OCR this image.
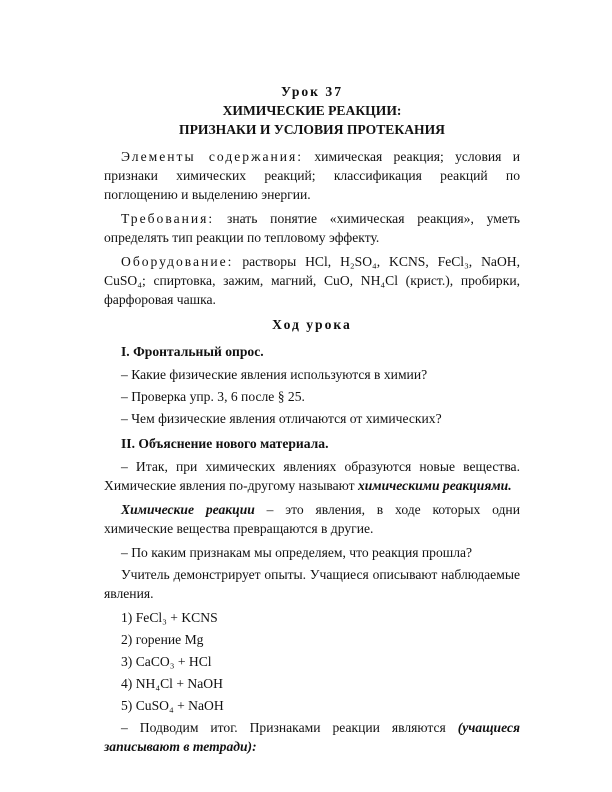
Урок 37

ХИМИЧЕСКИЕ РЕАКЦИИ:

ПРИЗНАКИ И УСЛОВИЯ ПРОТЕКАНИЯ

Элементы содержания: химическая реакция; условия и признаки химических реакций; классификация реакций по поглощению и выделению энергии.

Требования: знать понятие «химическая реакция», уметь определять тип реакции по тепловому эффекту.

Оборудование: растворы HCl, H₂SO₄, KCNS, FeCl₃, NaOH, CuSO₄; спиртовка, зажим, магний, CuO, NH₄Cl (крист.), пробирки, фарфоровая чашка.

Ход урока

I. Фронтальный опрос.

– Какие физические явления используются в химии?

– Проверка упр. 3, 6 после § 25.

– Чем физические явления отличаются от химических?

II. Объяснение нового материала.

– Итак, при химических явлениях образуются новые вещества. Химические явления по-другому называют химическими реакциями.

Химические реакции – это явления, в ходе которых одни химические вещества превращаются в другие.

– По каким признакам мы определяем, что реакция прошла?

Учитель демонстрирует опыты. Учащиеся описывают наблюдаемые явления.

1) FeCl₃ + KCNS

2) горение Mg

3) CaCO₃ + HCl

4) NH₄Cl + NaOH

5) CuSO₄ + NaOH

– Подводим итог. Признаками реакции являются (учащиеся записывают в тетради):
